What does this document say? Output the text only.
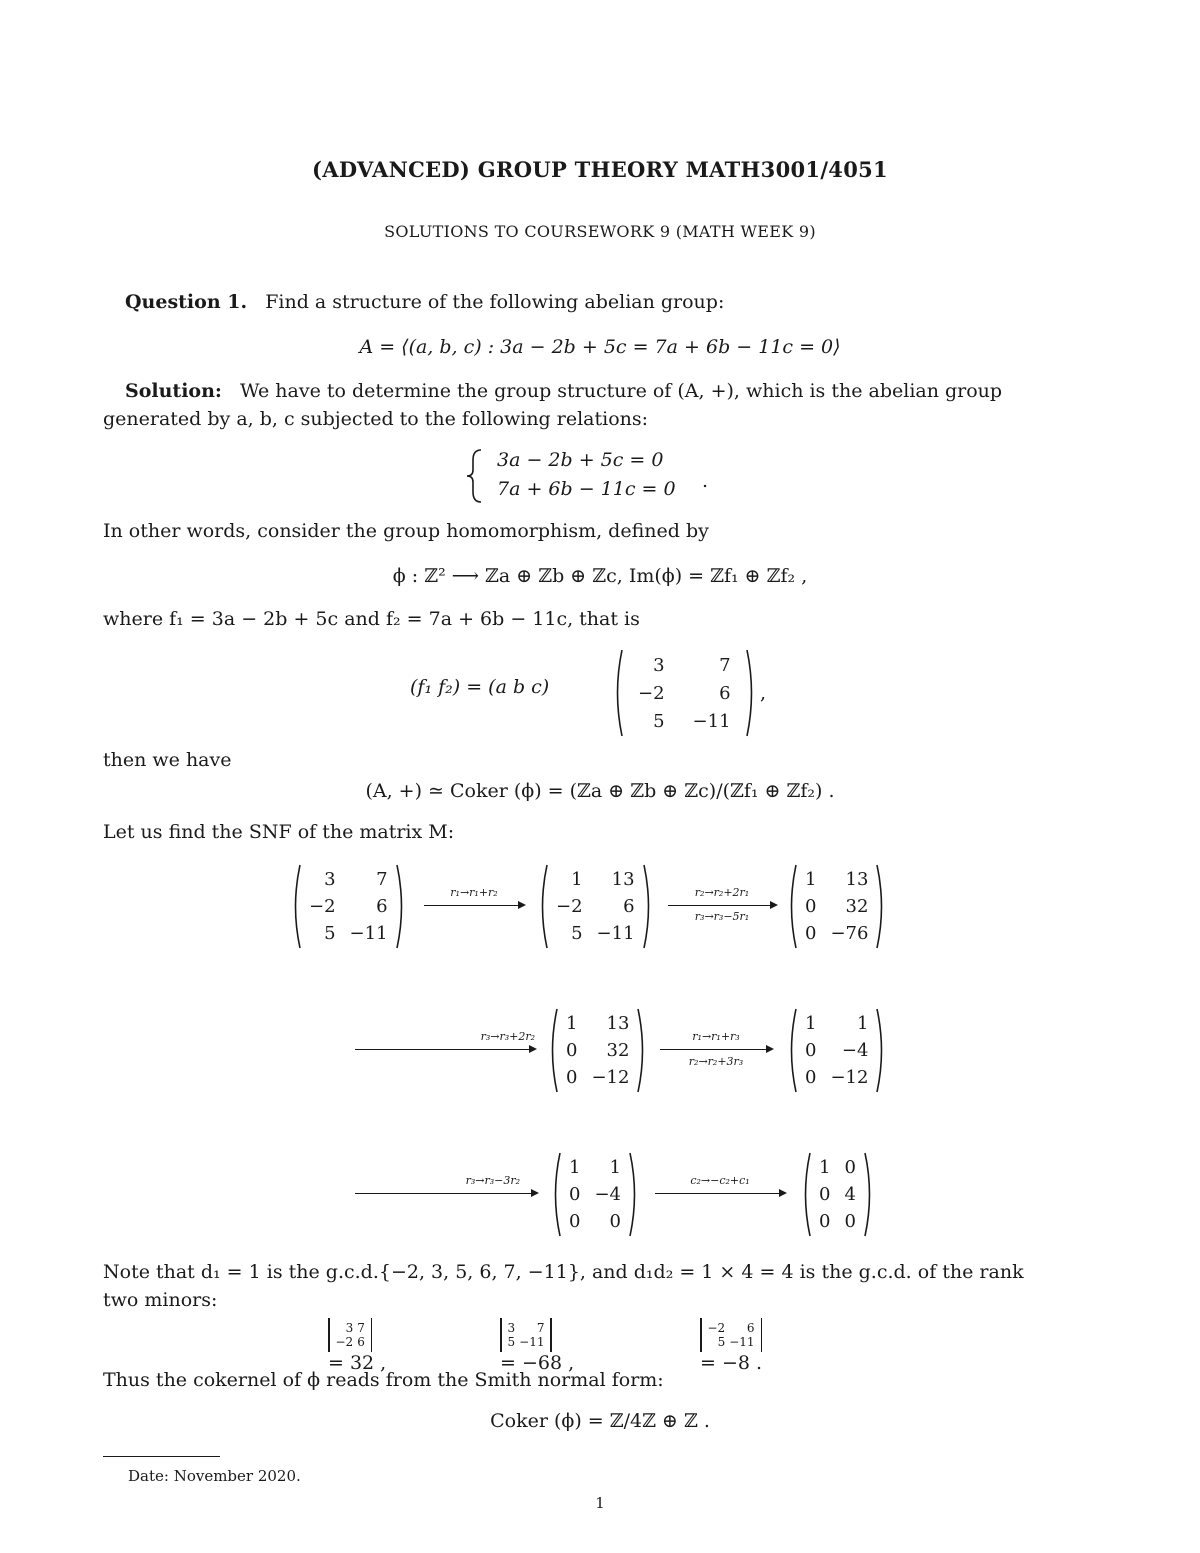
(ADVANCED) GROUP THEORY MATH3001/4051
SOLUTIONS TO COURSEWORK 9 (MATH WEEK 9)
Question 1. Find a structure of the following abelian group:
A = ⟨(a, b, c) : 3a − 2b + 5c = 7a + 6b − 11c = 0⟩
Solution: We have to determine the group structure of (A, +), which is the abelian group
generated by a, b, c subjected to the following relations:
3a − 2b + 5c = 0
7a + 6b − 11c = 0 .
In other words, consider the group homomorphism, defined by
ϕ : ℤ² ⟶ ℤa ⊕ ℤb ⊕ ℤc, Im(ϕ) = ℤf₁ ⊕ ℤf₂ ,
where f₁ = 3a − 2b + 5c and f₂ = 7a + 6b − 11c, that is
(f₁ f₂) = (a b c)
3	7
−2	6
5	−11
,
then we have
(A, +) ≃ Coker (ϕ) = (ℤa ⊕ ℤb ⊕ ℤc)/(ℤf₁ ⊕ ℤf₂) .
Let us find the SNF of the matrix M:
3	7
−2	6
5	−11
r₁→r₁+r₂
1	13
−2	6
5	−11
r₂→r₂+2r₁
r₃→r₃−5r₁
1	13
0	32
0	−76
r₃→r₃+2r₂
1	13
0	32
0	−12
r₁→r₁+r₃
r₂→r₂+3r₃
1	1
0	−4
0	−12
r₃→r₃−3r₂
1	1
0	−4
0	0
c₂→−c₂+c₁
1	0
0	4
0	0
Note that d₁ = 1 is the g.c.d.{−2, 3, 5, 6, 7, −11}, and d₁d₂ = 1 × 4 = 4 is the g.c.d. of the rank
two minors:
3	7
−2	6
= 32 ,
3	7
5	−11
= −68 ,
−2	6
5	−11
= −8 .
Thus the cokernel of ϕ reads from the Smith normal form:
Coker (ϕ) = ℤ/4ℤ ⊕ ℤ .
Date: November 2020.
1
